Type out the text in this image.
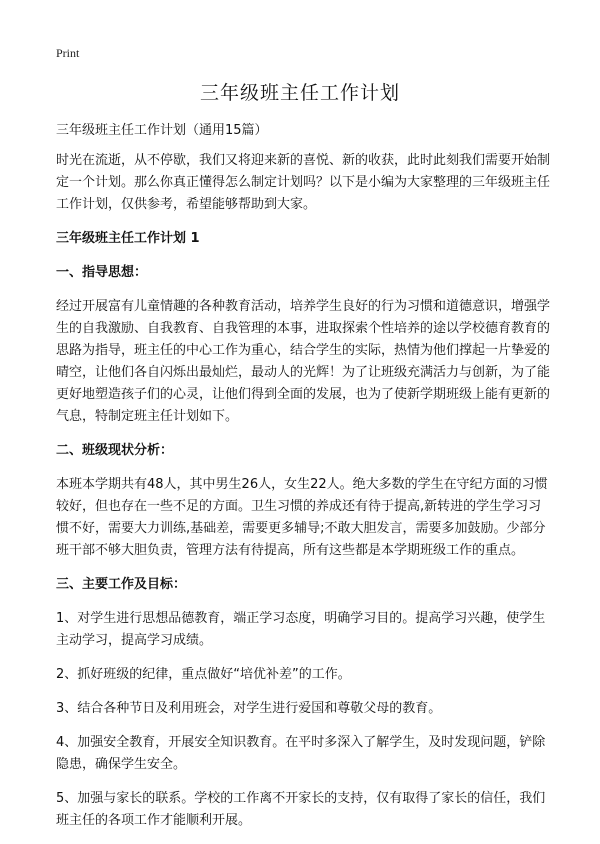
Print
三年级班主任工作计划

三年级班主任工作计划（通用15篇）

时光在流逝，从不停歇，我们又将迎来新的喜悦、新的收获，此时此刻我们需要开始制定一个计划。那么你真正懂得怎么制定计划吗？以下是小编为大家整理的三年级班主任工作计划，仅供参考，希望能够帮助到大家。

三年级班主任工作计划 1

一、指导思想：

经过开展富有儿童情趣的各种教育活动，培养学生良好的行为习惯和道德意识，增强学生的自我激励、自我教育、自我管理的本事，进取探索个性培养的途以学校德育教育的思路为指导，班主任的中心工作为重心，结合学生的实际，热情为他们撑起一片挚爱的晴空，让他们各自闪烁出最灿烂，最动人的光辉！为了让班级充满活力与创新，为了能更好地塑造孩子们的心灵，让他们得到全面的发展，也为了使新学期班级上能有更新的气息，特制定班主任计划如下。

二、班级现状分析：

本班本学期共有48人，其中男生26人，女生22人。绝大多数的学生在守纪方面的习惯较好，但也存在一些不足的方面。卫生习惯的养成还有待于提高,新转进的学生学习习惯不好，需要大力训练,基础差，需要更多辅导;不敢大胆发言，需要多加鼓励。少部分班干部不够大胆负责，管理方法有待提高，所有这些都是本学期班级工作的重点。

三、主要工作及目标：

1、对学生进行思想品德教育，端正学习态度，明确学习目的。提高学习兴趣，使学生主动学习，提高学习成绩。

2、抓好班级的纪律，重点做好“培优补差”的工作。

3、结合各种节日及利用班会，对学生进行爱国和尊敬父母的教育。

4、加强安全教育，开展安全知识教育。在平时多深入了解学生，及时发现问题，铲除隐患，确保学生安全。

5、加强与家长的联系。学校的工作离不开家长的支持，仅有取得了家长的信任，我们班主任的各项工作才能顺利开展。
